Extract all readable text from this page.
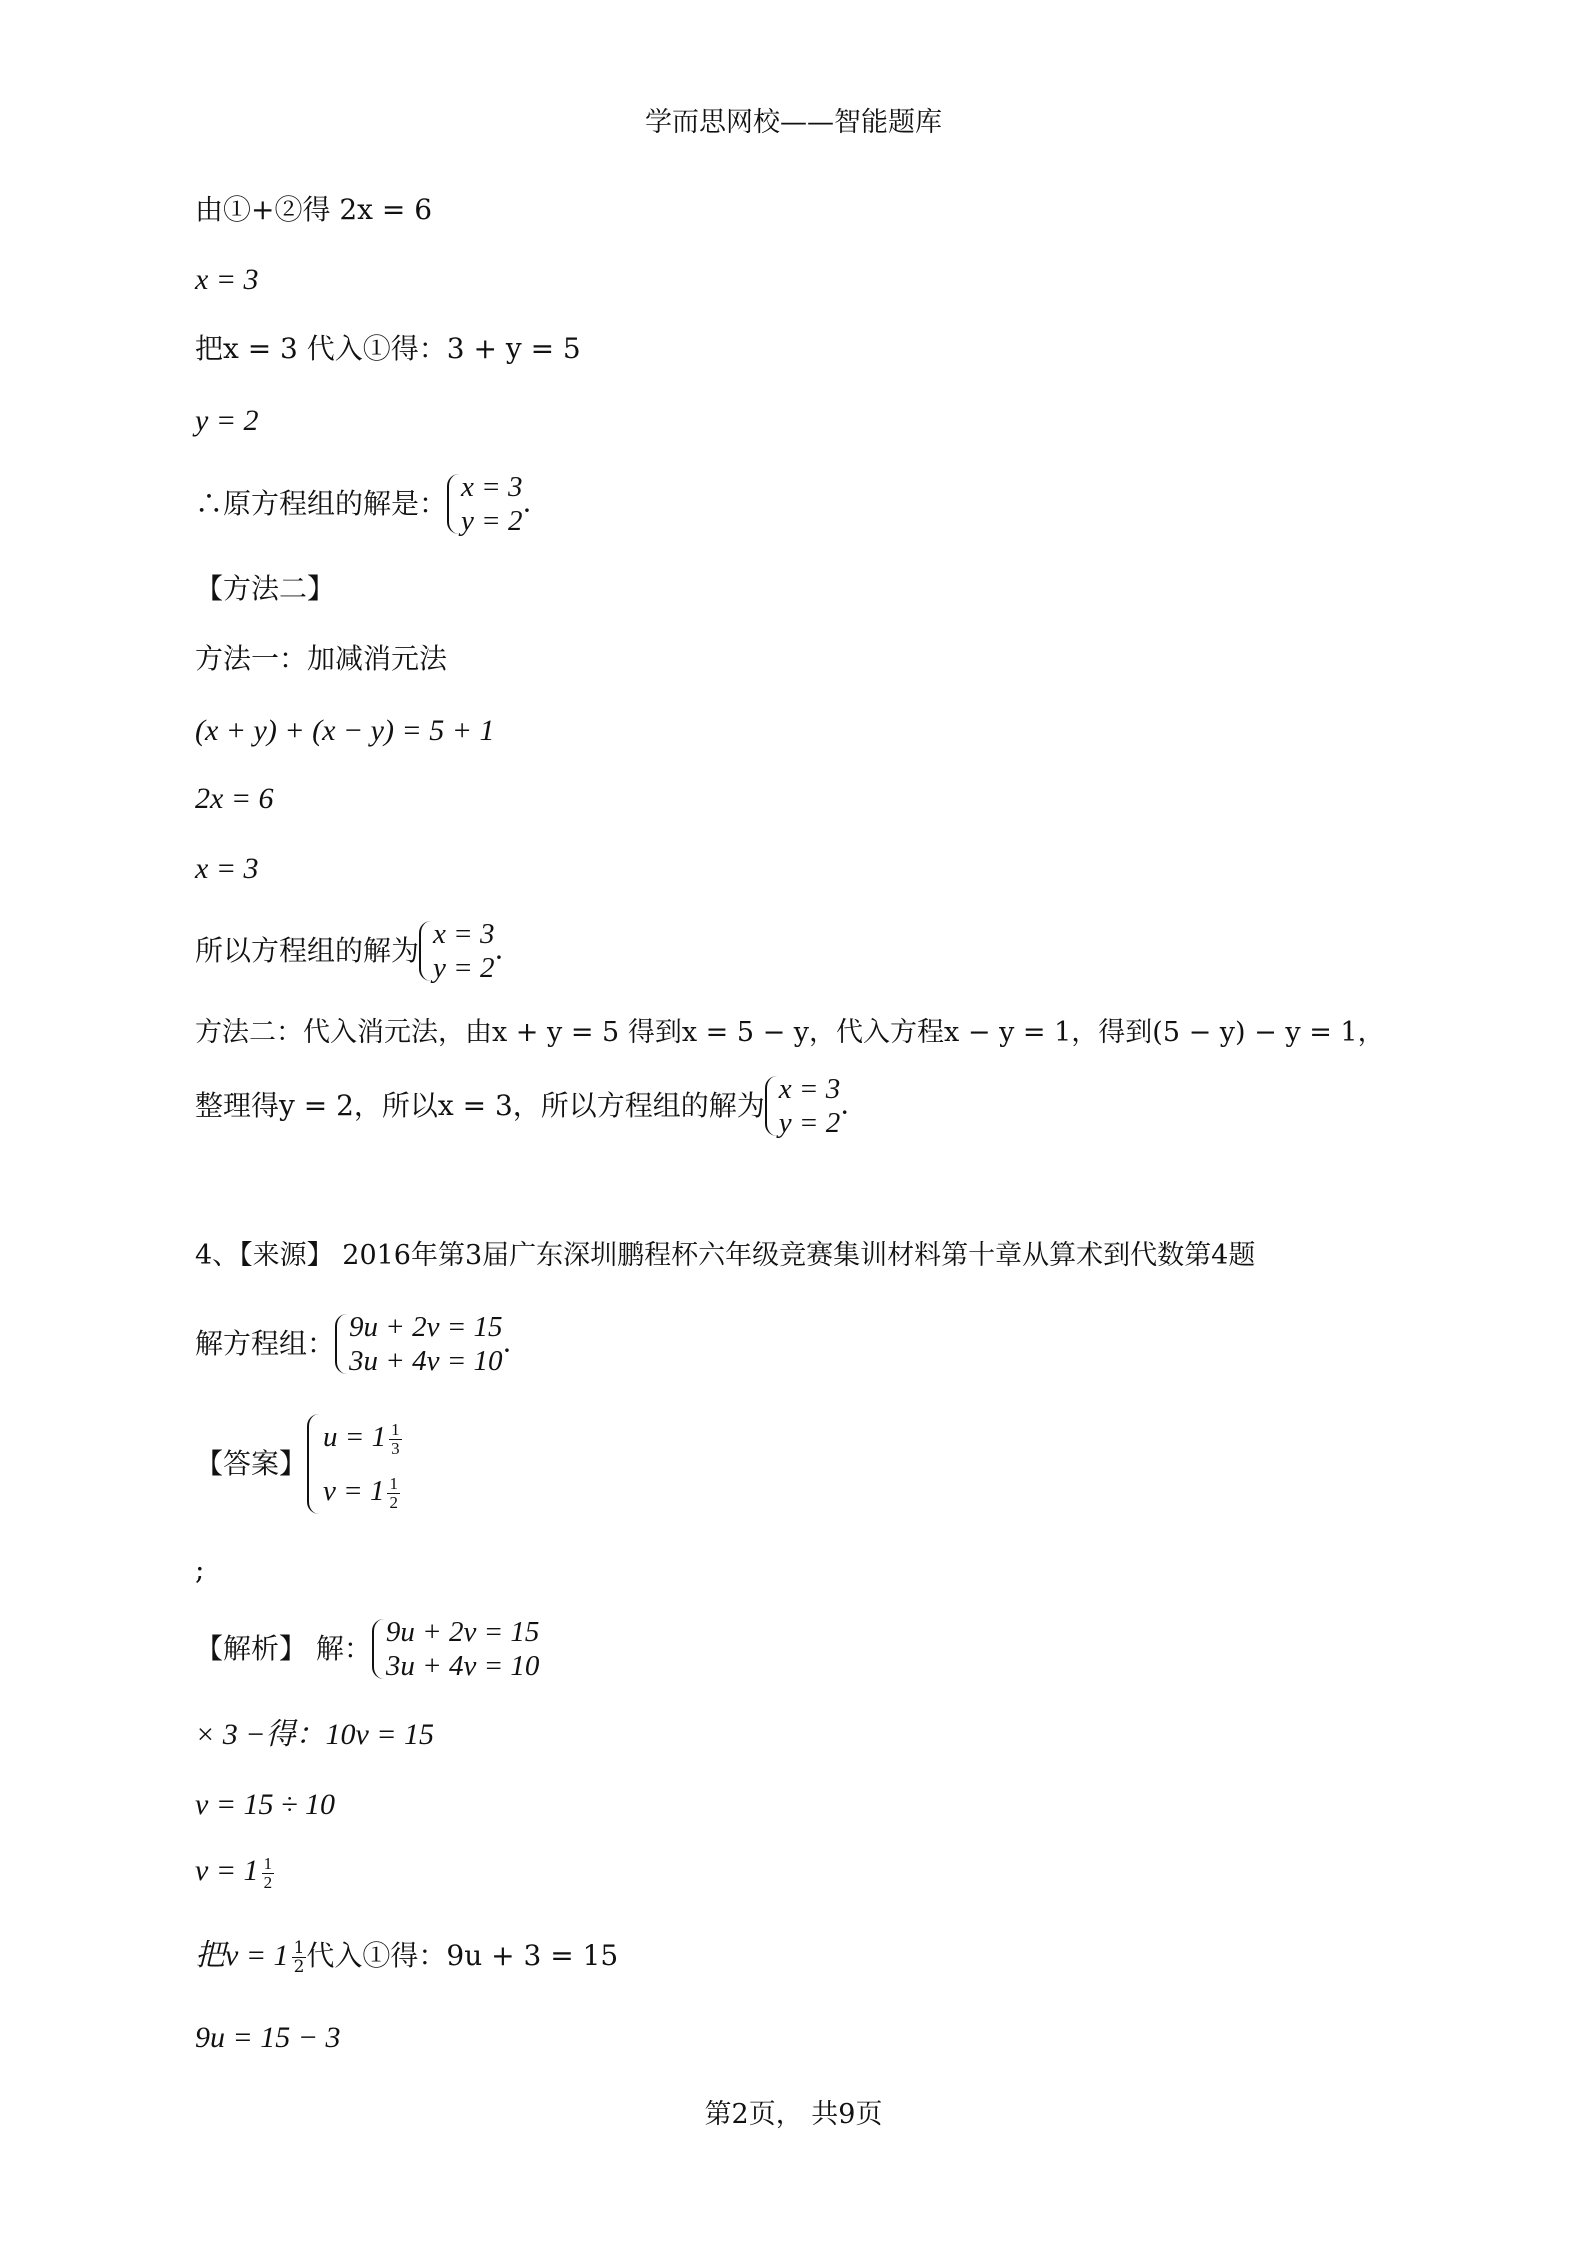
学而思网校——智能题库
由①+②得 2x = 6
x = 3
把x = 3 代入①得：3 + y = 5
y = 2
∴原方程组的解是：
x = 3
y = 2
.
【方法二】
方法一：加减消元法
(x + y) + (x − y) = 5 + 1
2x = 6
x = 3
所以方程组的解为
x = 3
y = 2
.
方法二：代入消元法，由x + y = 5 得到x = 5 − y，代入方程x − y = 1，得到(5 − y) − y = 1，
整理得y = 2，所以x = 3，所以方程组的解为
x = 3
y = 2
.
4、【来源】 2016年第3届广东深圳鹏程杯六年级竞赛集训材料第十章从算术到代数第4题
解方程组：
9u + 2v = 15
3u + 4v = 10
.
【答案】
$u = 1 \frac{1}{3}$
$v = 1 \frac{1}{2}$
;
【解析】 解：
9u + 2v = 15
3u + 4v = 10
× 3 −得：10v = 15
v = 15 ÷ 10
$v = 1 \frac{1}{2}$
把$v = 1 \frac{1}{2}$ 代入①得：9u + 3 = 15
9u = 15 − 3
第2页， 共9页
